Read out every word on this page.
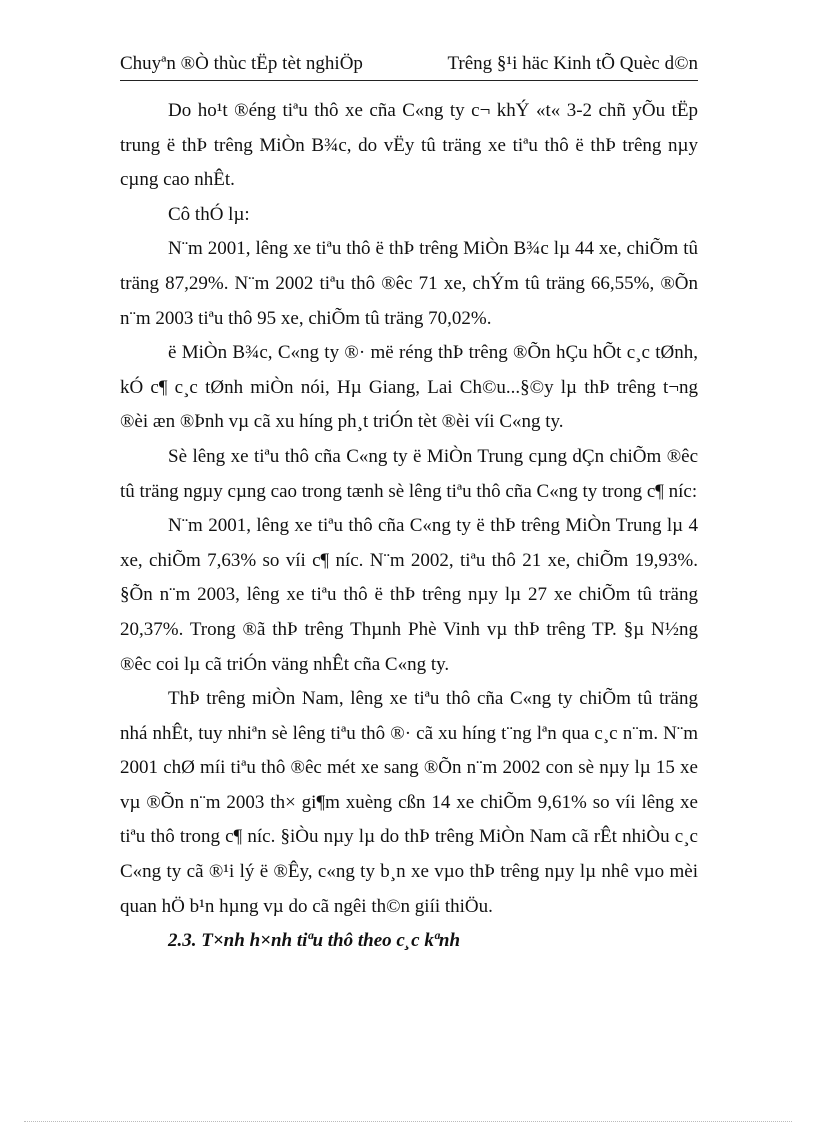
Chuyªn ®Ò thùc tËp tèt nghiÖp	Trêng §¹i häc Kinh tÕ Quèc d©n

Do ho¹t ®éng tiªu thô xe cña C«ng ty c¬ khÝ «t« 3-2 chñ yÕu tËp trung ë thÞ trêng MiÒn B¾c, do vËy tû träng xe tiªu thô ë thÞ trêng nµy cµng cao nhÊt.

Cô thÓ lµ:

N¨m 2001, lêng xe tiªu thô ë thÞ trêng MiÒn B¾c lµ 44 xe, chiÕm tû träng 87,29%. N¨m 2002 tiªu thô ®êc 71 xe, chÝm tû träng 66,55%, ®Õn n¨m 2003 tiªu thô 95 xe, chiÕm tû träng 70,02%.

ë MiÒn B¾c, C«ng ty ®· më réng thÞ trêng ®Õn hÇu hÕt c¸c tØnh, kÓ c¶ c¸c tØnh miÒn nói, Hµ Giang, Lai Ch©u...§©y lµ thÞ trêng t¬ng ®èi æn ®Þnh vµ cã xu híng ph¸t triÓn tèt ®èi víi C«ng ty.

Sè lêng xe tiªu thô cña C«ng ty ë MiÒn Trung cµng dÇn chiÕm ®êc tû träng ngµy cµng cao trong tænh sè lêng tiªu thô cña C«ng ty trong c¶ níc:

N¨m 2001, lêng xe tiªu thô cña C«ng ty ë thÞ trêng MiÒn Trung lµ 4 xe, chiÕm 7,63% so víi c¶ níc. N¨m 2002, tiªu thô 21 xe, chiÕm 19,93%. §Õn n¨m 2003, lêng xe tiªu thô ë thÞ trêng nµy lµ 27 xe chiÕm tû träng 20,37%. Trong ®ã thÞ trêng Thµnh Phè Vinh vµ thÞ trêng TP. §µ N½ng ®êc coi lµ cã triÓn väng nhÊt cña C«ng ty.

ThÞ trêng miÒn Nam, lêng xe tiªu thô cña C«ng ty chiÕm tû träng nhá nhÊt, tuy nhiªn sè lêng tiªu thô ®· cã xu híng t¨ng lªn qua c¸c n¨m. N¨m 2001 chØ míi tiªu thô ®êc mét xe sang ®Õn n¨m 2002 con sè nµy lµ 15 xe vµ ®Õn n¨m 2003 th× gi¶m xuèng cßn 14 xe chiÕm 9,61% so víi lêng xe tiªu thô trong c¶ níc. §iÒu nµy lµ do thÞ trêng MiÒn Nam cã rÊt nhiÒu c¸c C«ng ty cã ®¹i lý ë ®Êy, c«ng ty b¸n xe vµo thÞ trêng nµy lµ nhê vµo mèi quan hÖ b¹n hµng vµ do cã ngêi th©n giíi thiÖu.

2.3. T×nh h×nh tiªu thô theo c¸c kªnh
